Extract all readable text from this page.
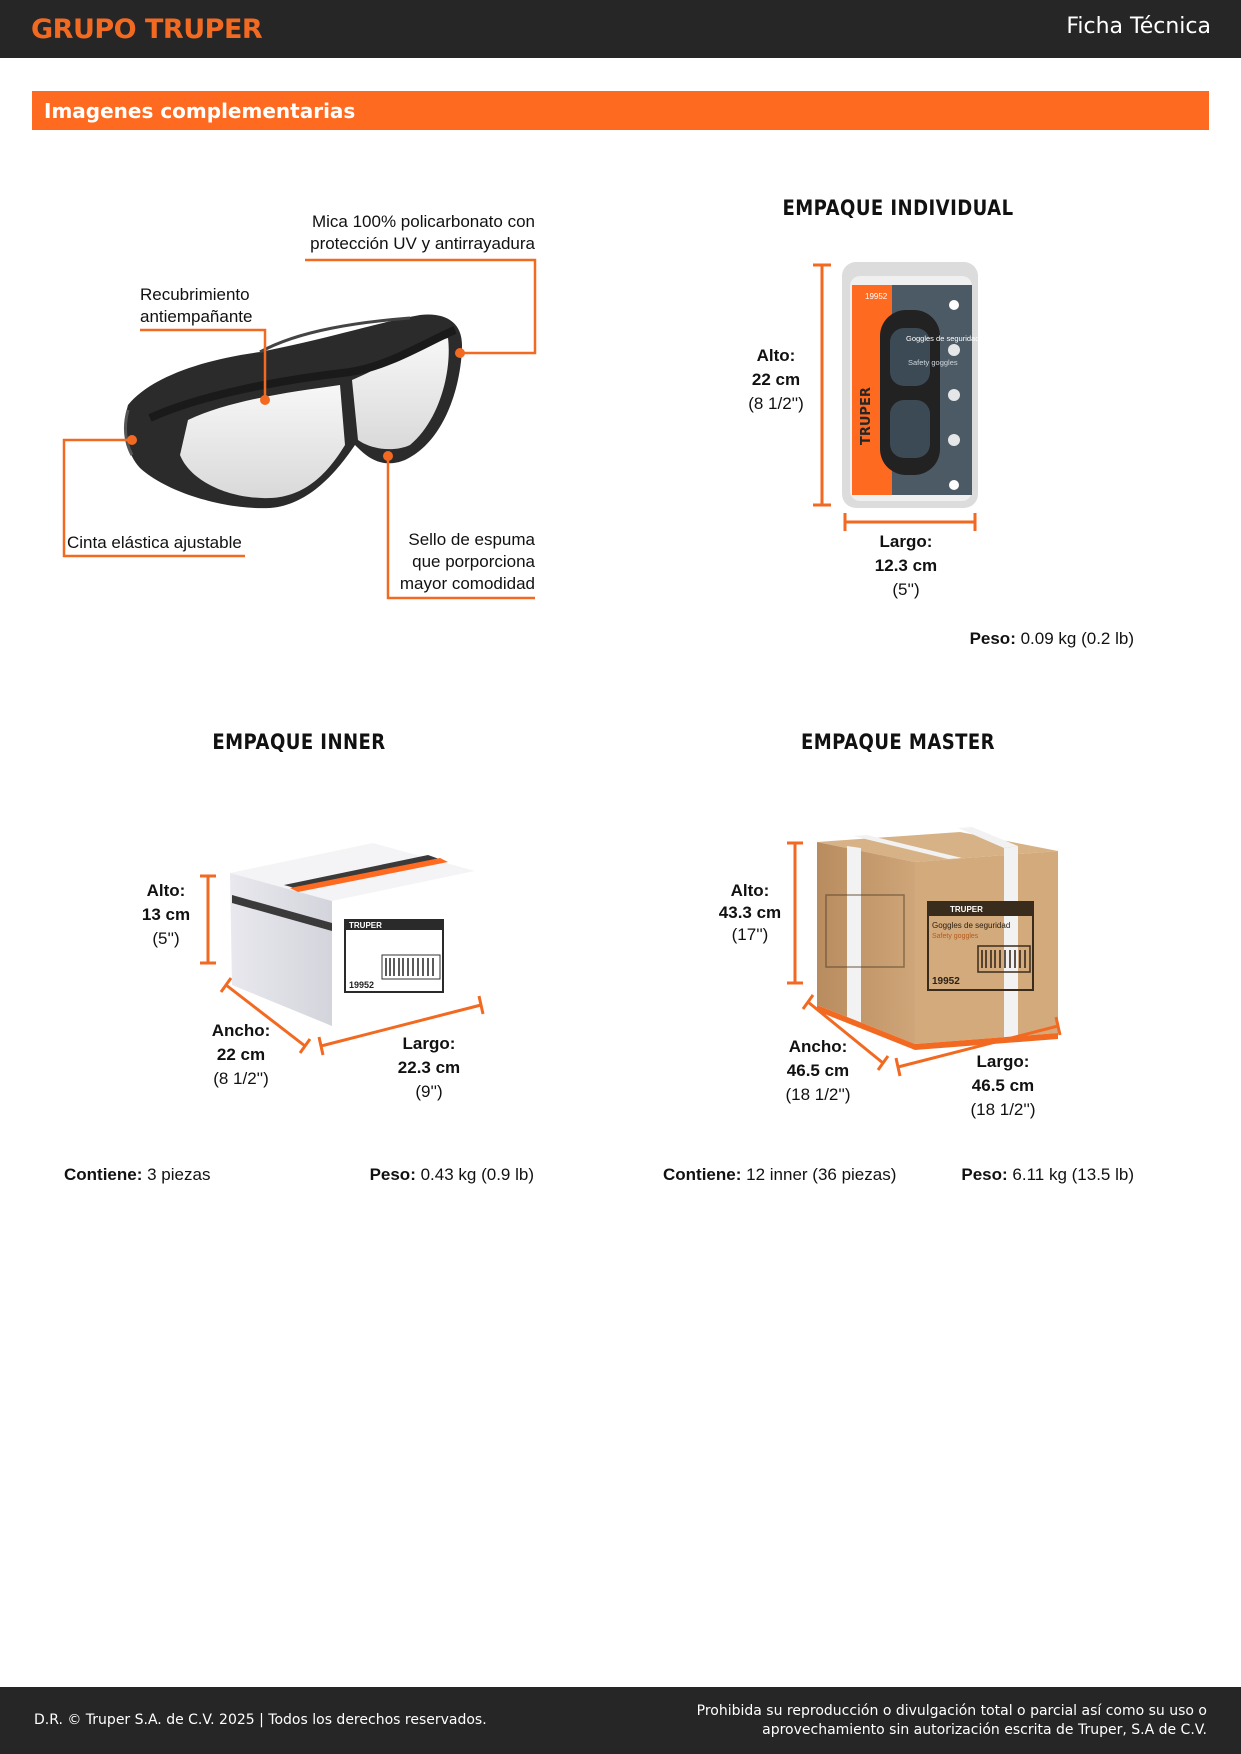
GRUPO TRUPER	Ficha Técnica
Imagenes complementarias
19952
Goggles de seguridad
Safety goggles
TRUPER
TRUPER
19952
TRUPER
Goggles de seguridad
Safety goggles
19952
Mica 100% policarbonato con
protección UV y antirrayadura
Recubrimiento
antiempañante
Cinta elástica ajustable	Sello de espuma
que porporciona
mayor comodidad
EMPAQUE INDIVIDUAL
Alto:
22 cm
(8 1/2'')
Largo:
12.3 cm
(5'')
Peso: 0.09 kg (0.2 lb)
EMPAQUE INNER
Alto:
13 cm
(5'')
Ancho:
22 cm
(8 1/2'')
Largo:
22.3 cm
(9'')
Contiene: 3 piezas	Peso: 0.43 kg (0.9 lb)
EMPAQUE MASTER
Alto:
43.3 cm
(17'')
Ancho:
46.5 cm
(18 1/2'')
Largo:
46.5 cm
(18 1/2'')
Contiene: 12 inner (36 piezas)	Peso: 6.11 kg (13.5 lb)
D.R. © Truper S.A. de C.V. 2025 | Todos los derechos reservados.
Prohibida su reproducción o divulgación total o parcial así como su uso o
aprovechamiento sin autorización escrita de Truper, S.A de C.V.
